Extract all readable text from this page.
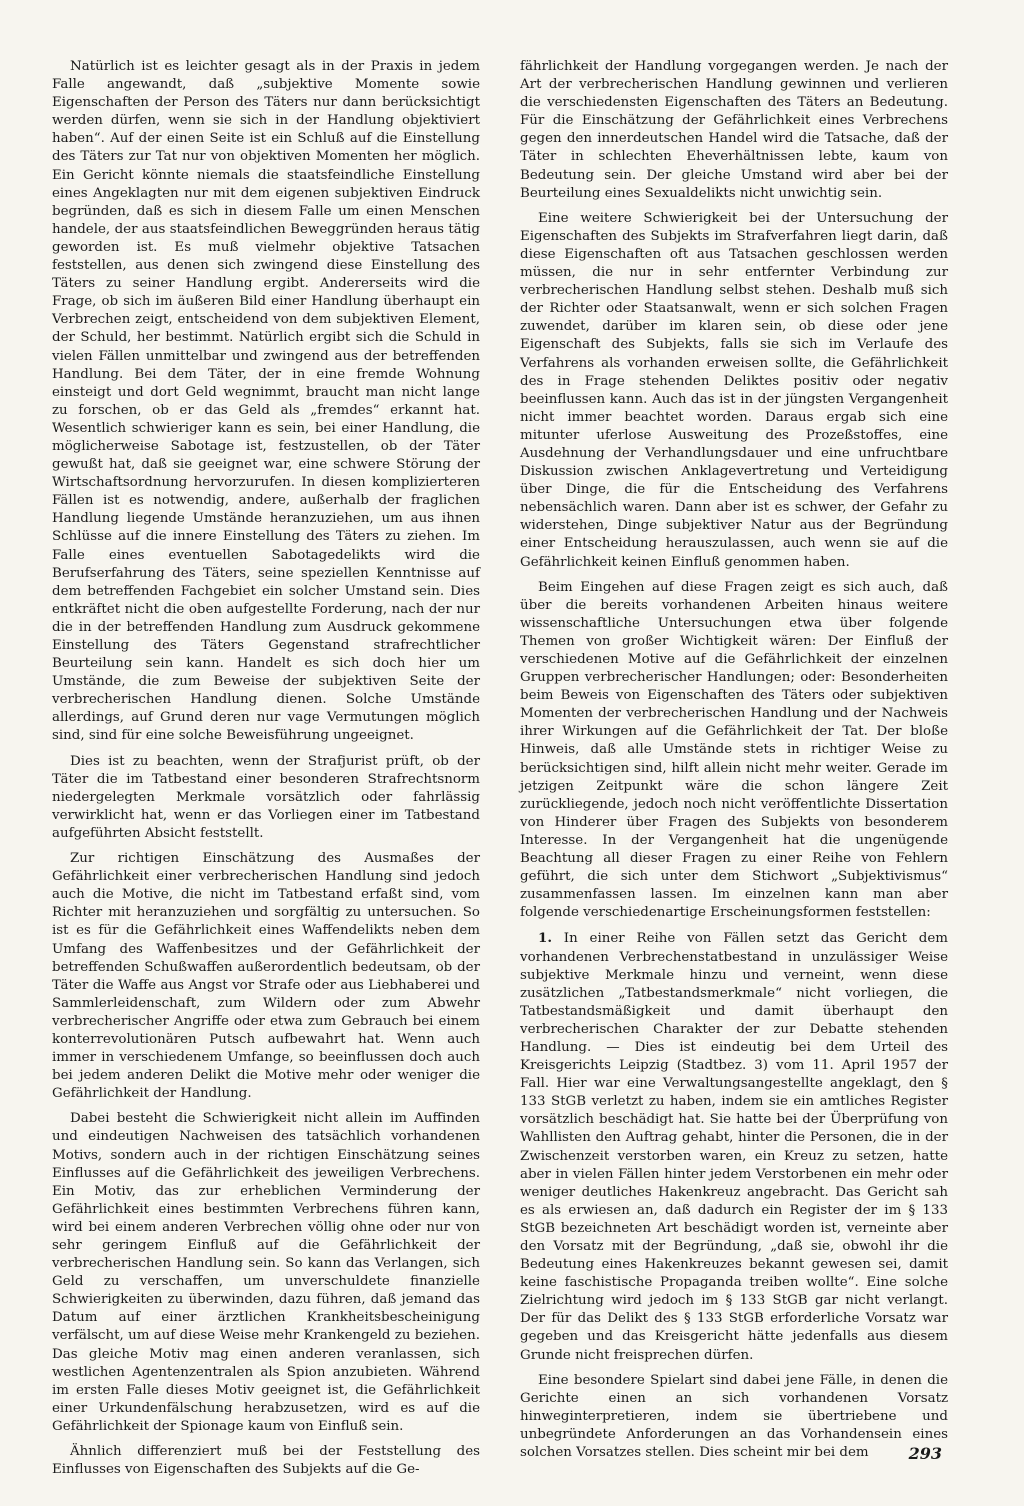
Natürlich ist es leichter gesagt als in der Praxis in jedem Falle angewandt, daß „subjektive Momente sowie Eigenschaften der Person des Täters nur dann berücksichtigt werden dürfen, wenn sie sich in der Handlung objektiviert haben“. Auf der einen Seite ist ein Schluß auf die Einstellung des Täters zur Tat nur von objektiven Momenten her möglich. Ein Gericht könnte niemals die staatsfeindliche Einstellung eines Angeklagten nur mit dem eigenen subjektiven Eindruck begründen, daß es sich in diesem Falle um einen Menschen handele, der aus staatsfeindlichen Beweggründen heraus tätig geworden ist. Es muß vielmehr objektive Tatsachen feststellen, aus denen sich zwingend diese Einstellung des Täters zu seiner Handlung ergibt. Andererseits wird die Frage, ob sich im äußeren Bild einer Handlung überhaupt ein Verbrechen zeigt, entscheidend von dem subjektiven Element, der Schuld, her bestimmt. Natürlich ergibt sich die Schuld in vielen Fällen unmittelbar und zwingend aus der betreffenden Handlung. Bei dem Täter, der in eine fremde Wohnung einsteigt und dort Geld wegnimmt, braucht man nicht lange zu forschen, ob er das Geld als „fremdes“ erkannt hat. Wesentlich schwieriger kann es sein, bei einer Handlung, die möglicherweise Sabotage ist, festzustellen, ob der Täter gewußt hat, daß sie geeignet war, eine schwere Störung der Wirtschaftsordnung hervorzurufen. In diesen komplizierteren Fällen ist es notwendig, andere, außerhalb der fraglichen Handlung liegende Umstände heranzuziehen, um aus ihnen Schlüsse auf die innere Einstellung des Täters zu ziehen. Im Falle eines eventuellen Sabotagedelikts wird die Berufserfahrung des Täters, seine speziellen Kenntnisse auf dem betreffenden Fachgebiet ein solcher Umstand sein. Dies entkräftet nicht die oben aufgestellte Forderung, nach der nur die in der betreffenden Handlung zum Ausdruck gekommene Einstellung des Täters Gegenstand strafrechtlicher Beurteilung sein kann. Handelt es sich doch hier um Umstände, die zum Beweise der subjektiven Seite der verbrecherischen Handlung dienen. Solche Umstände allerdings, auf Grund deren nur vage Vermutungen möglich sind, sind für eine solche Beweisführung ungeeignet.

Dies ist zu beachten, wenn der Strafjurist prüft, ob der Täter die im Tatbestand einer besonderen Strafrechtsnorm niedergelegten Merkmale vorsätzlich oder fahrlässig verwirklicht hat, wenn er das Vorliegen einer im Tatbestand aufgeführten Absicht feststellt.

Zur richtigen Einschätzung des Ausmaßes der Gefährlichkeit einer verbrecherischen Handlung sind jedoch auch die Motive, die nicht im Tatbestand erfaßt sind, vom Richter mit heranzuziehen und sorgfältig zu untersuchen. So ist es für die Gefährlichkeit eines Waffendelikts neben dem Umfang des Waffenbesitzes und der Gefährlichkeit der betreffenden Schußwaffen außerordentlich bedeutsam, ob der Täter die Waffe aus Angst vor Strafe oder aus Liebhaberei und Sammlerleidenschaft, zum Wildern oder zum Abwehr verbrecherischer Angriffe oder etwa zum Gebrauch bei einem konterrevolutionären Putsch aufbewahrt hat. Wenn auch immer in verschiedenem Umfange, so beeinflussen doch auch bei jedem anderen Delikt die Motive mehr oder weniger die Gefährlichkeit der Handlung.

Dabei besteht die Schwierigkeit nicht allein im Auffinden und eindeutigen Nachweisen des tatsächlich vorhandenen Motivs, sondern auch in der richtigen Einschätzung seines Einflusses auf die Gefährlichkeit des jeweiligen Verbrechens. Ein Motiv, das zur erheblichen Verminderung der Gefährlichkeit eines bestimmten Verbrechens führen kann, wird bei einem anderen Verbrechen völlig ohne oder nur von sehr geringem Einfluß auf die Gefährlichkeit der verbrecherischen Handlung sein. So kann das Verlangen, sich Geld zu verschaffen, um unverschuldete finanzielle Schwierigkeiten zu überwinden, dazu führen, daß jemand das Datum auf einer ärztlichen Krankheitsbescheinigung verfälscht, um auf diese Weise mehr Krankengeld zu beziehen. Das gleiche Motiv mag einen anderen veranlassen, sich westlichen Agentenzentralen als Spion anzubieten. Während im ersten Falle dieses Motiv geeignet ist, die Gefährlichkeit einer Urkundenfälschung herabzusetzen, wird es auf die Gefährlichkeit der Spionage kaum von Einfluß sein.

Ähnlich differenziert muß bei der Feststellung des Einflusses von Eigenschaften des Subjekts auf die Ge-

fährlichkeit der Handlung vorgegangen werden. Je nach der Art der verbrecherischen Handlung gewinnen und verlieren die verschiedensten Eigenschaften des Täters an Bedeutung. Für die Einschätzung der Gefährlichkeit eines Verbrechens gegen den innerdeutschen Handel wird die Tatsache, daß der Täter in schlechten Eheverhältnissen lebte, kaum von Bedeutung sein. Der gleiche Umstand wird aber bei der Beurteilung eines Sexualdelikts nicht unwichtig sein.

Eine weitere Schwierigkeit bei der Untersuchung der Eigenschaften des Subjekts im Strafverfahren liegt darin, daß diese Eigenschaften oft aus Tatsachen geschlossen werden müssen, die nur in sehr entfernter Verbindung zur verbrecherischen Handlung selbst stehen. Deshalb muß sich der Richter oder Staatsanwalt, wenn er sich solchen Fragen zuwendet, darüber im klaren sein, ob diese oder jene Eigenschaft des Subjekts, falls sie sich im Verlaufe des Verfahrens als vorhanden erweisen sollte, die Gefährlichkeit des in Frage stehenden Deliktes positiv oder negativ beeinflussen kann. Auch das ist in der jüngsten Vergangenheit nicht immer beachtet worden. Daraus ergab sich eine mitunter uferlose Ausweitung des Prozeßstoffes, eine Ausdehnung der Verhandlungsdauer und eine unfruchtbare Diskussion zwischen Anklagevertretung und Verteidigung über Dinge, die für die Entscheidung des Verfahrens nebensächlich waren. Dann aber ist es schwer, der Gefahr zu widerstehen, Dinge subjektiver Natur aus der Begründung einer Entscheidung herauszulassen, auch wenn sie auf die Gefährlichkeit keinen Einfluß genommen haben.

Beim Eingehen auf diese Fragen zeigt es sich auch, daß über die bereits vorhandenen Arbeiten hinaus weitere wissenschaftliche Untersuchungen etwa über folgende Themen von großer Wichtigkeit wären: Der Einfluß der verschiedenen Motive auf die Gefährlichkeit der einzelnen Gruppen verbrecherischer Handlungen; oder: Besonderheiten beim Beweis von Eigenschaften des Täters oder subjektiven Momenten der verbrecherischen Handlung und der Nachweis ihrer Wirkungen auf die Gefährlichkeit der Tat. Der bloße Hinweis, daß alle Umstände stets in richtiger Weise zu berücksichtigen sind, hilft allein nicht mehr weiter. Gerade im jetzigen Zeitpunkt wäre die schon längere Zeit zurückliegende, jedoch noch nicht veröffentlichte Dissertation von Hinderer über Fragen des Subjekts von besonderem Interesse. In der Vergangenheit hat die ungenügende Beachtung all dieser Fragen zu einer Reihe von Fehlern geführt, die sich unter dem Stichwort „Subjektivismus“ zusammenfassen lassen. Im einzelnen kann man aber folgende verschiedenartige Erscheinungsformen feststellen:

1. In einer Reihe von Fällen setzt das Gericht dem vorhandenen Verbrechenstatbestand in unzulässiger Weise subjektive Merkmale hinzu und verneint, wenn diese zusätzlichen „Tatbestandsmerkmale“ nicht vorliegen, die Tatbestandsmäßigkeit und damit überhaupt den verbrecherischen Charakter der zur Debatte stehenden Handlung. — Dies ist eindeutig bei dem Urteil des Kreisgerichts Leipzig (Stadtbez. 3) vom 11. April 1957 der Fall. Hier war eine Verwaltungsangestellte angeklagt, den § 133 StGB verletzt zu haben, indem sie ein amtliches Register vorsätzlich beschädigt hat. Sie hatte bei der Überprüfung von Wahllisten den Auftrag gehabt, hinter die Personen, die in der Zwischenzeit verstorben waren, ein Kreuz zu setzen, hatte aber in vielen Fällen hinter jedem Verstorbenen ein mehr oder weniger deutliches Hakenkreuz angebracht. Das Gericht sah es als erwiesen an, daß dadurch ein Register der im § 133 StGB bezeichneten Art beschädigt worden ist, verneinte aber den Vorsatz mit der Begründung, „daß sie, obwohl ihr die Bedeutung eines Hakenkreuzes bekannt gewesen sei, damit keine faschistische Propaganda treiben wollte“. Eine solche Zielrichtung wird jedoch im § 133 StGB gar nicht verlangt. Der für das Delikt des § 133 StGB erforderliche Vorsatz war gegeben und das Kreisgericht hätte jedenfalls aus diesem Grunde nicht freisprechen dürfen.

Eine besondere Spielart sind dabei jene Fälle, in denen die Gerichte einen an sich vorhandenen Vorsatz hinweginterpretieren, indem sie übertriebene und unbegründete Anforderungen an das Vorhandensein eines solchen Vorsatzes stellen. Dies scheint mir bei dem	293
